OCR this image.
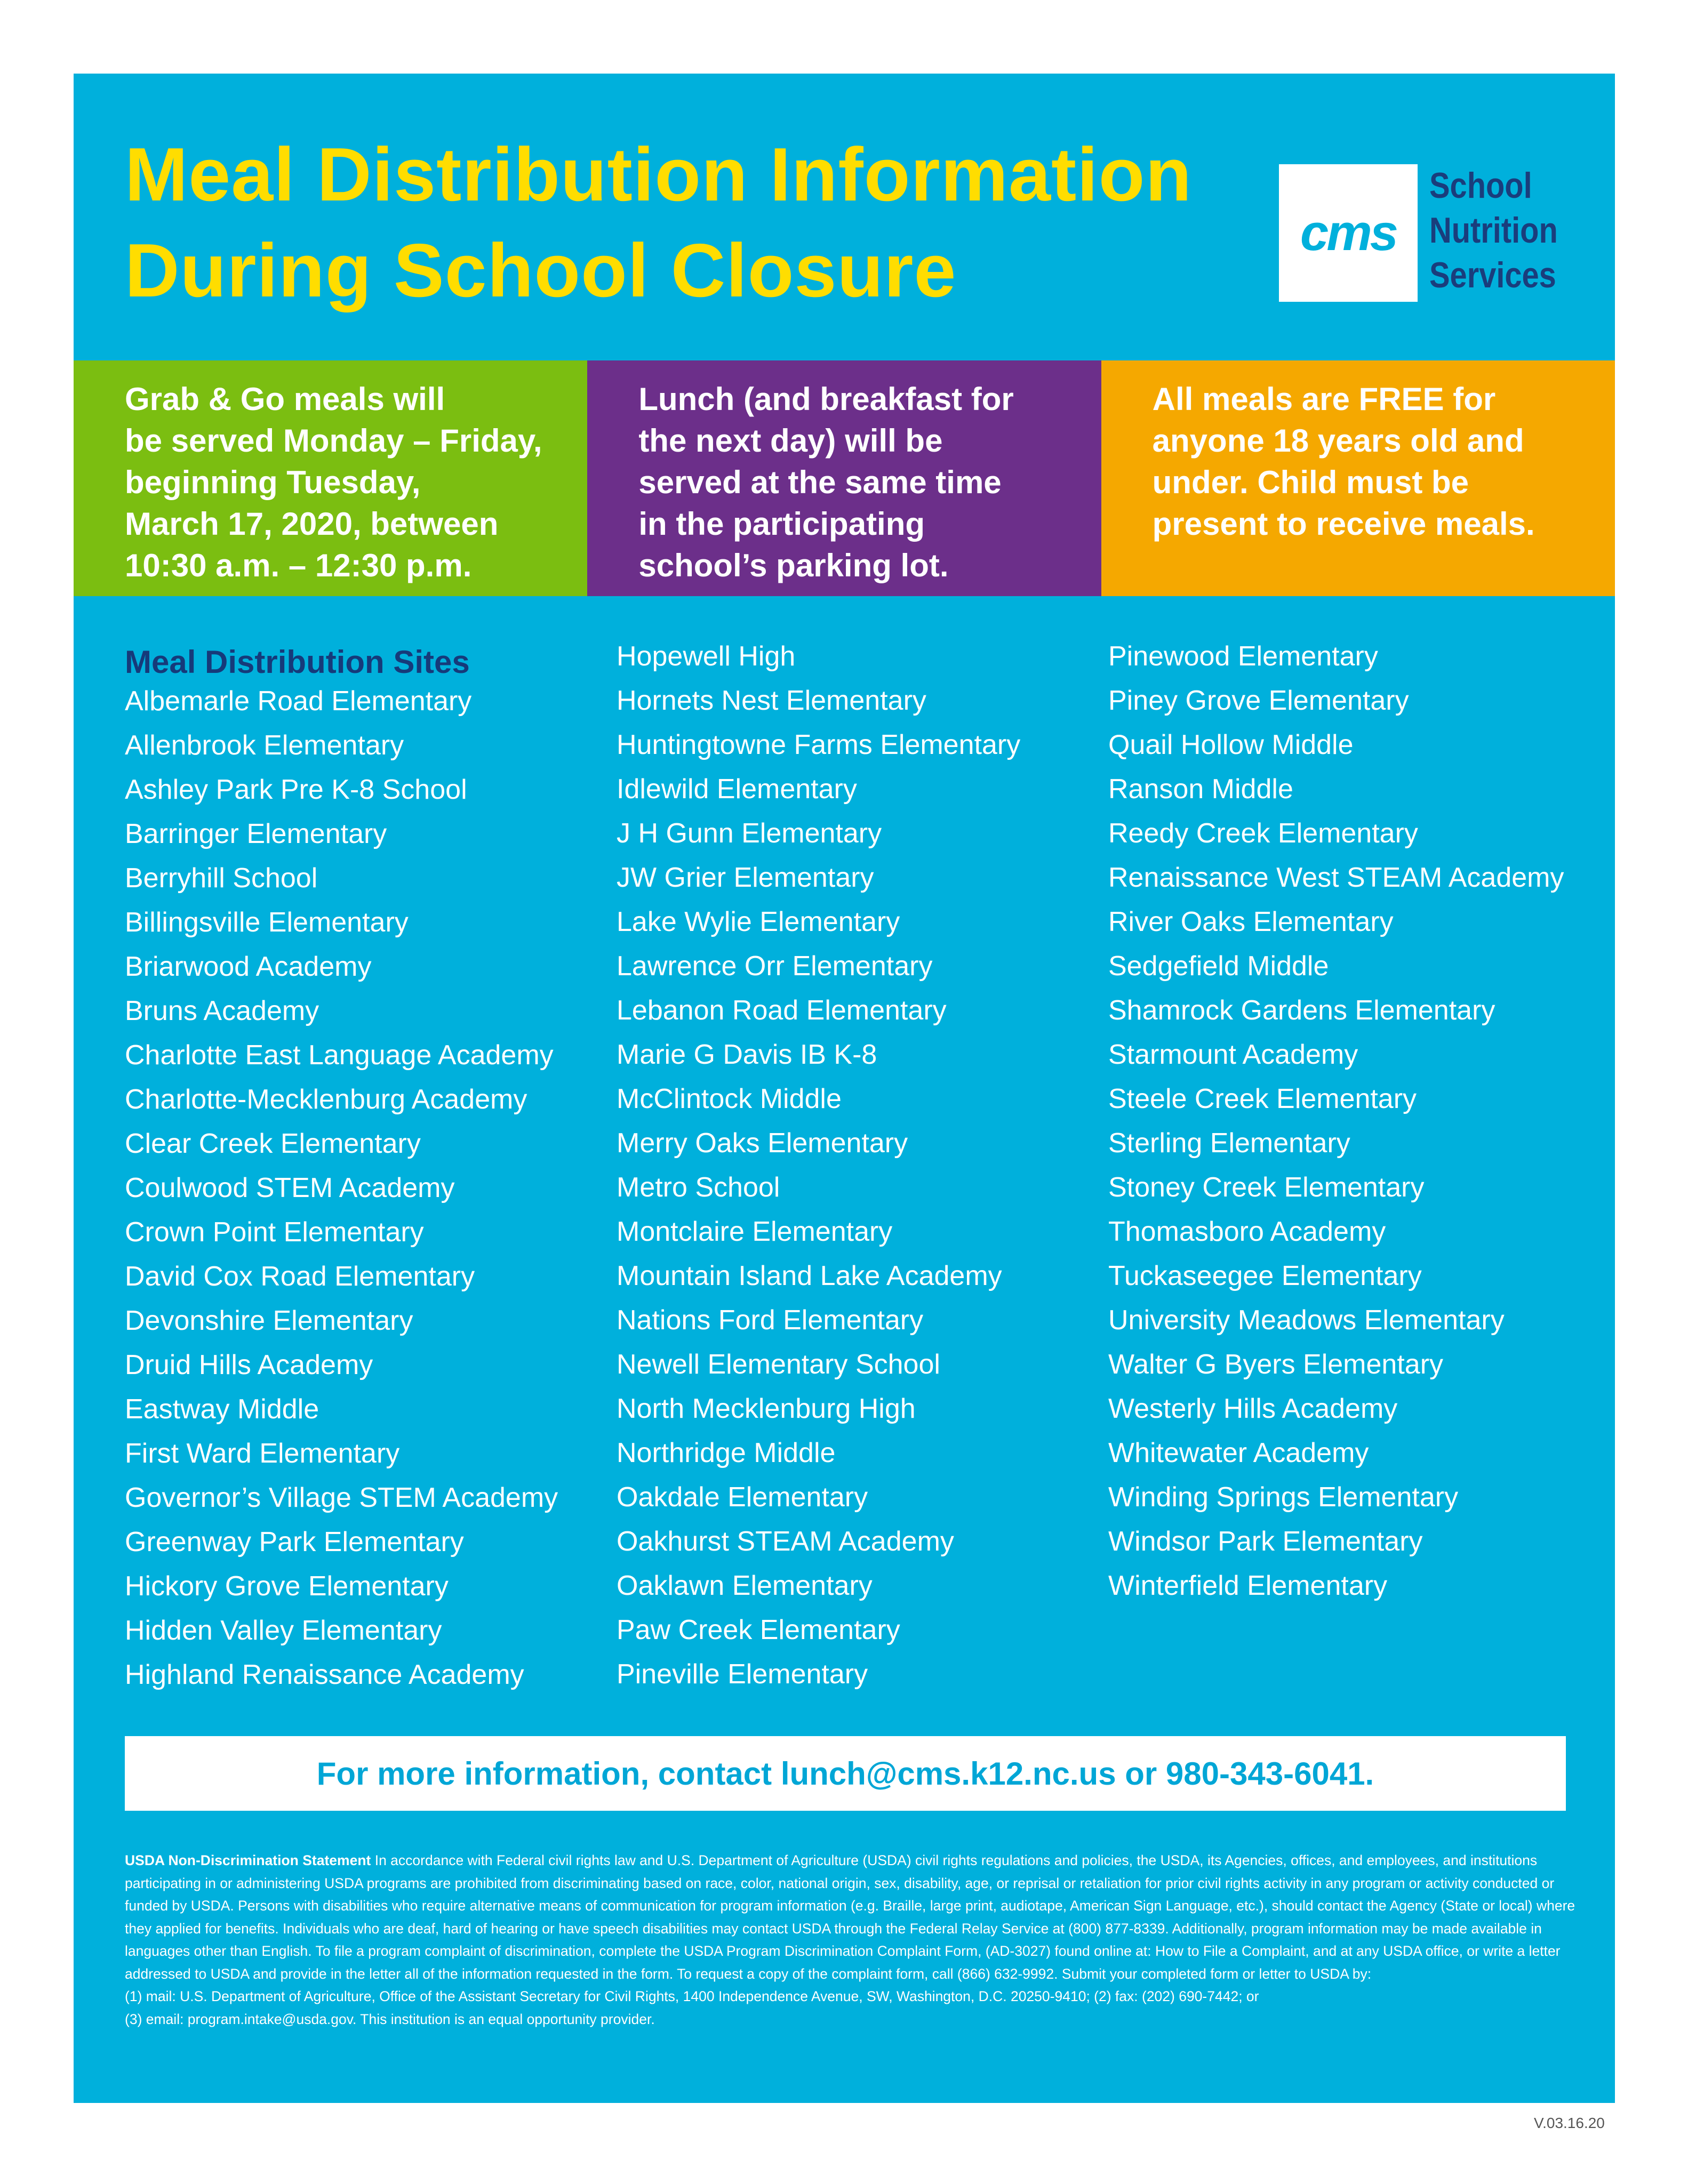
Meal Distribution Information
During School Closure	cms
School
Nutrition
Services
Grab & Go meals will
be served Monday – Friday,
beginning Tuesday,
March 17, 2020, between
10:30 a.m. – 12:30 p.m.
Lunch (and breakfast for
the next day) will be
served at the same time
in the participating
school’s parking lot.
All meals are FREE for
anyone 18 years old and
under. Child must be
present to receive meals.
Meal Distribution Sites
Albemarle Road Elementary
Allenbrook Elementary
Ashley Park Pre K-8 School
Barringer Elementary
Berryhill School
Billingsville Elementary
Briarwood Academy
Bruns Academy
Charlotte East Language Academy
Charlotte-Mecklenburg Academy
Clear Creek Elementary
Coulwood STEM Academy
Crown Point Elementary
David Cox Road Elementary
Devonshire Elementary
Druid Hills Academy
Eastway Middle
First Ward Elementary
Governor’s Village STEM Academy
Greenway Park Elementary
Hickory Grove Elementary
Hidden Valley Elementary
Highland Renaissance Academy
Hopewell High
Hornets Nest Elementary
Huntingtowne Farms Elementary
Idlewild Elementary
J H Gunn Elementary
JW Grier Elementary
Lake Wylie Elementary
Lawrence Orr Elementary
Lebanon Road Elementary
Marie G Davis IB K-8
McClintock Middle
Merry Oaks Elementary
Metro School
Montclaire Elementary
Mountain Island Lake Academy
Nations Ford Elementary
Newell Elementary School
North Mecklenburg High
Northridge Middle
Oakdale Elementary
Oakhurst STEAM Academy
Oaklawn Elementary
Paw Creek Elementary
Pineville Elementary
Pinewood Elementary
Piney Grove Elementary
Quail Hollow Middle
Ranson Middle
Reedy Creek Elementary
Renaissance West STEAM Academy
River Oaks Elementary
Sedgefield Middle
Shamrock Gardens Elementary
Starmount Academy
Steele Creek Elementary
Sterling Elementary
Stoney Creek Elementary
Thomasboro Academy
Tuckaseegee Elementary
University Meadows Elementary
Walter G Byers Elementary
Westerly Hills Academy
Whitewater Academy
Winding Springs Elementary
Windsor Park Elementary
Winterfield Elementary
For more information, contact lunch@cms.k12.nc.us or 980-343-6041.

USDA Non-Discrimination Statement In accordance with Federal civil rights law and U.S. Department of Agriculture (USDA) civil rights regulations and policies, the USDA, its Agencies, offices, and employees, and institutions participating in or administering USDA programs are prohibited from discriminating based on race, color, national origin, sex, disability, age, or reprisal or retaliation for prior civil rights activity in any program or activity conducted or funded by USDA. Persons with disabilities who require alternative means of communication for program information (e.g. Braille, large print, audiotape, American Sign Language, etc.), should contact the Agency (State or local) where they applied for benefits. Individuals who are deaf, hard of hearing or have speech disabilities may contact USDA through the Federal Relay Service at (800) 877-8339. Additionally, program information may be made available in languages other than English. To file a program complaint of discrimination, complete the USDA Program Discrimination Complaint Form, (AD-3027) found online at: How to File a Complaint, and at any USDA office, or write a letter addressed to USDA and provide in the letter all of the information requested in the form. To request a copy of the complaint form, call (866) 632-9992. Submit your completed form or letter to USDA by:
(1) mail: U.S. Department of Agriculture, Office of the Assistant Secretary for Civil Rights, 1400 Independence Avenue, SW, Washington, D.C. 20250-9410; (2) fax: (202) 690-7442; or
(3) email: program.intake@usda.gov. This institution is an equal opportunity provider.

V.03.16.20
